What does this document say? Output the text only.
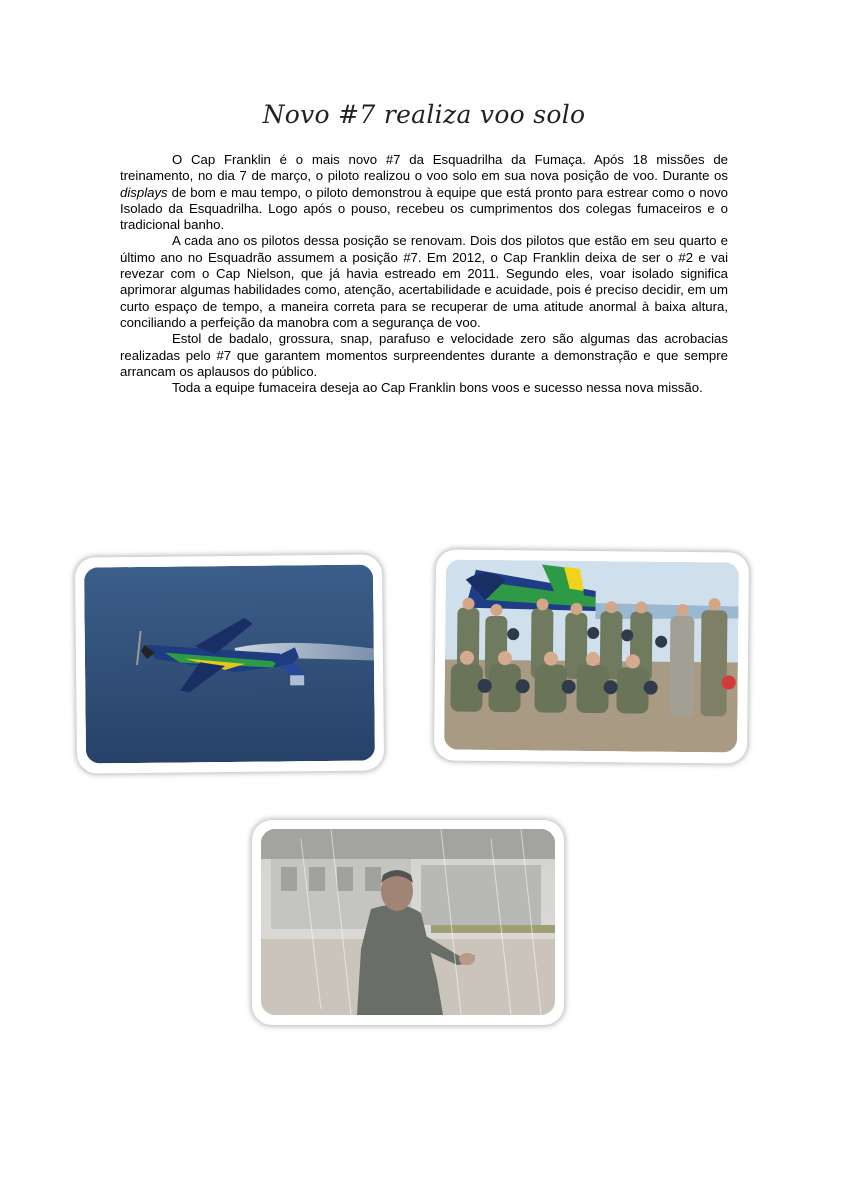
Novo #7 realiza voo solo

O Cap Franklin é o mais novo #7 da Esquadrilha da Fumaça. Após 18 missões de treinamento, no dia 7 de março, o piloto realizou o voo solo em sua nova posição de voo. Durante os displays de bom e mau tempo, o piloto demonstrou à equipe que está pronto para estrear como o novo Isolado da Esquadrilha. Logo após o pouso, recebeu os cumprimentos dos colegas fumaceiros e o tradicional banho.

A cada ano os pilotos dessa posição se renovam. Dois dos pilotos que estão em seu quarto e último ano no Esquadrão assumem a posição #7. Em 2012, o Cap Franklin deixa de ser o #2 e vai revezar com o Cap Nielson, que já havia estreado em 2011. Segundo eles, voar isolado significa aprimorar algumas habilidades como, atenção, acertabilidade e acuidade, pois é preciso decidir, em um curto espaço de tempo, a maneira correta para se recuperar de uma atitude anormal à baixa altura, conciliando a perfeição da manobra com a segurança de voo.

Estol de badalo, grossura, snap, parafuso e velocidade zero são algumas das acrobacias realizadas pelo #7 que garantem momentos surpreendentes durante a demonstração e que sempre arrancam os aplausos do público.

Toda a equipe fumaceira deseja ao Cap Franklin bons voos e sucesso nessa nova missão.
